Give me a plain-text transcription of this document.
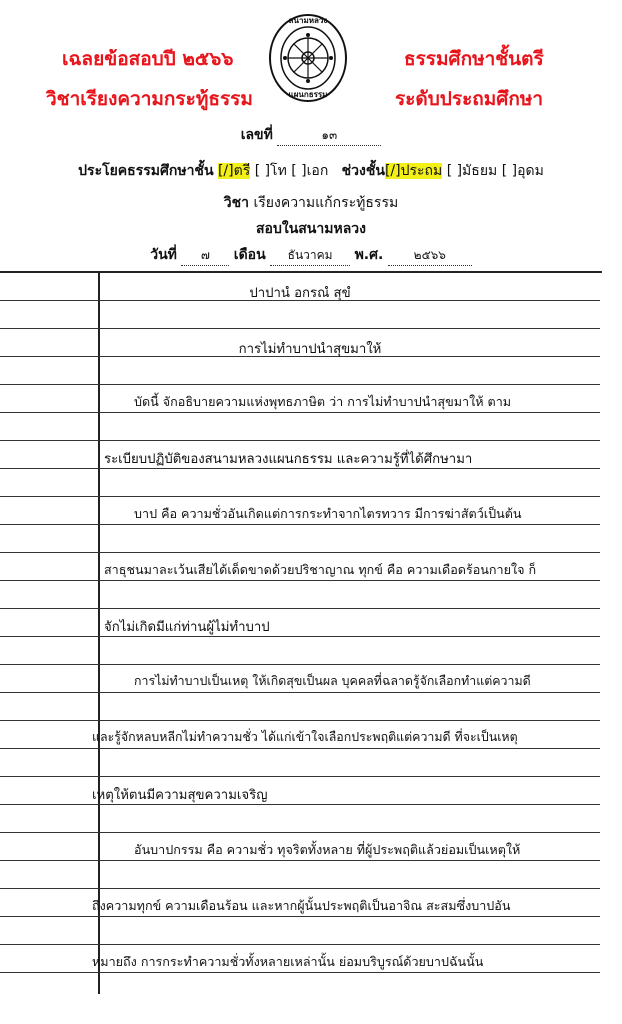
เฉลยข้อสอบปี ๒๕๖๖
วิชาเรียงความกระทู้ธรรม
ธรรมศึกษาชั้นตรี
ระดับประถมศึกษา
สนามหลวง
แผนกธรรม
เลขที่	๑๓
ประโยคธรรมศึกษาชั้น [/]ตรี [ ]โท [ ]เอก ช่วงชั้น[/]ประถม [ ]มัธยม [ ]อุดม
วิชา เรียงความแก้กระทู้ธรรม
สอบในสนามหลวง
วันที่ ๗ เดือน ธันวาคม พ.ศ.	๒๕๖๖
ปาปานํ อกรณํ สุขํ
การไม่ทำบาปนำสุขมาให้
บัดนี้ จักอธิบายความแห่งพุทธภาษิต ว่า การไม่ทำบาปนำสุขมาให้ ตาม
ระเบียบปฏิบัติของสนามหลวงแผนกธรรม และความรู้ที่ได้ศึกษามา
บาป คือ ความชั่วอันเกิดแต่การกระทำจากไตรทวาร มีการฆ่าสัตว์เป็นต้น
สาธุชนมาละเว้นเสียได้เด็ดขาดด้วยปริชาญาณ ทุกข์ คือ ความเดือดร้อนกายใจ ก็
จักไม่เกิดมีแก่ท่านผู้ไม่ทำบาป
การไม่ทำบาปเป็นเหตุ ให้เกิดสุขเป็นผล บุคคลที่ฉลาดรู้จักเลือกทำแต่ความดี
และรู้จักหลบหลีกไม่ทำความชั่ว ได้แก่เข้าใจเลือกประพฤติแต่ความดี ที่จะเป็นเหตุ
เหตุให้ตนมีความสุขความเจริญ
อันบาปกรรม คือ ความชั่ว ทุจริตทั้งหลาย ที่ผู้ประพฤติแล้วย่อมเป็นเหตุให้
ถึงความทุกข์ ความเดือนร้อน และหากผู้นั้นประพฤติเป็นอาจิณ สะสมซึ่งบาปอัน
หมายถึง การกระทำความชั่วทั้งหลายเหล่านั้น ย่อมบริบูรณ์ด้วยบาปฉันนั้น
